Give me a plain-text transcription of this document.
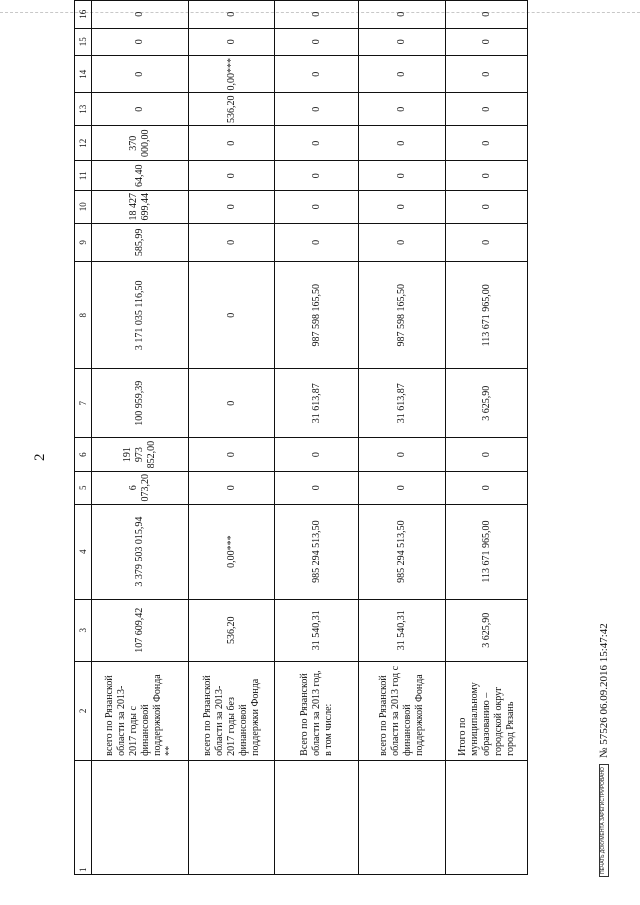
2
1	2	3	4	5	6	7	8	9	10	11	12	13	14	15	16

	всего по Рязанской области за 2013-2017 годы с финансовой поддержкой Фонда **	107 609,42	3 379 503 015,94	6 073,20	191 973 852,00	100 959,39	3 171 035 116,50	585,99	18 427 699,44	64,40	370 000,00	0	0	0	0

	всего по Рязанской области за 2013-2017 годы без финансовой поддержки Фонда	536,20	0,00***	0	0	0	0	0	0	0	0	536,20	0,00***	0	0

	Всего по Рязанской области за 2013 год, в том числе:	31 540,31	985 294 513,50	0	0	31 613,87	987 598 165,50	0	0	0	0	0	0	0	0

	всего по Рязанской области за 2013 год с финансовой поддержкой Фонда	31 540,31	985 294 513,50	0	0	31 613,87	987 598 165,50	0	0	0	0	0	0	0	0

	Итого по муниципальному образованию – городской округ город Рязань	3 625,90	113 671 965,00	0	0	3 625,90	113 671 965,00	0	0	0	0	0	0	0	0
ПЕЧАТЬ ДОКУМЕНТА ЗАРЕГИСТРИРОВАНО
№ 57526 06.09.2016 15:47:42
